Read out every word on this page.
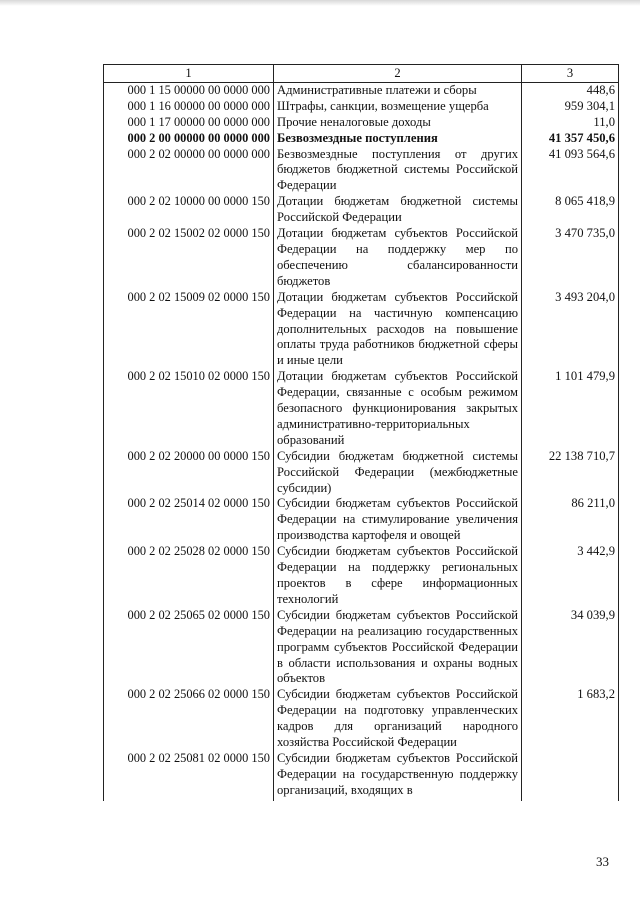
1	2	3
000 1 15 00000 00 0000 000	Административные платежи и сборы	448,6
000 1 16 00000 00 0000 000	Штрафы, санкции, возмещение ущерба	959 304,1
000 1 17 00000 00 0000 000	Прочие неналоговые доходы	11,0
000 2 00 00000 00 0000 000	Безвозмездные поступления	41 357 450,6
000 2 02 00000 00 0000 000	Безвозмездные поступления от других бюджетов бюджетной системы Российской Федерации	41 093 564,6
000 2 02 10000 00 0000 150	Дотации бюджетам бюджетной системы Российской Федерации	8 065 418,9
000 2 02 15002 02 0000 150	Дотации бюджетам субъектов Российской Федерации на поддержку мер по обеспечению сбалансированности бюджетов	3 470 735,0
000 2 02 15009 02 0000 150	Дотации бюджетам субъектов Российской Федерации на частичную компенсацию дополнительных расходов на повышение оплаты труда работников бюджетной сферы и иные цели	3 493 204,0
000 2 02 15010 02 0000 150	Дотации бюджетам субъектов Российской Федерации, связанные с особым режимом безопасного функционирования закрытых административно-территориальных образований	1 101 479,9
000 2 02 20000 00 0000 150	Субсидии бюджетам бюджетной системы Российской Федерации (межбюджетные субсидии)	22 138 710,7
000 2 02 25014 02 0000 150	Субсидии бюджетам субъектов Российской Федерации на стимулирование увеличения производства картофеля и овощей	86 211,0
000 2 02 25028 02 0000 150	Субсидии бюджетам субъектов Российской Федерации на поддержку региональных проектов в сфере информационных технологий	3 442,9
000 2 02 25065 02 0000 150	Субсидии бюджетам субъектов Российской Федерации на реализацию государственных программ субъектов Российской Федерации в области использования и охраны водных объектов	34 039,9
000 2 02 25066 02 0000 150	Субсидии бюджетам субъектов Российской Федерации на подготовку управленческих кадров для организаций народного хозяйства Российской Федерации	1 683,2
000 2 02 25081 02 0000 150	Субсидии бюджетам субъектов Российской Федерации на государственную поддержку организаций, входящих в	
33
